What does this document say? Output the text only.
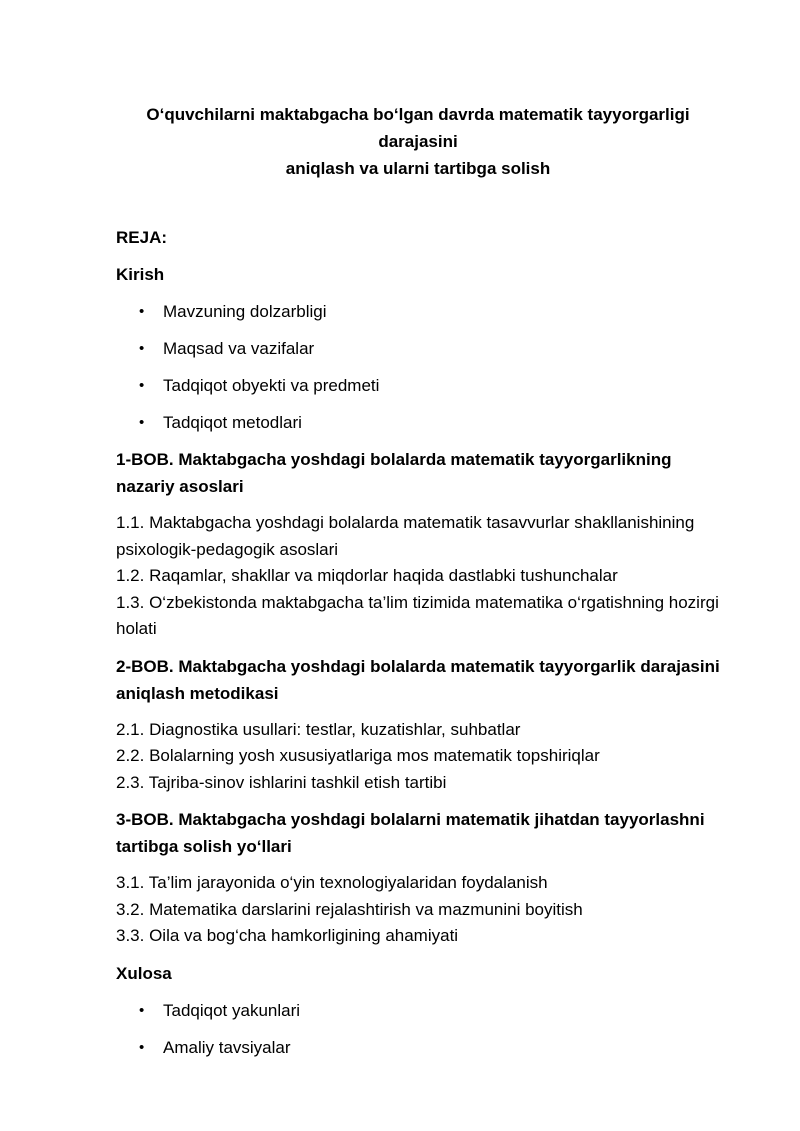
O‘quvchilarni maktabgacha bo‘lgan davrda matematik tayyorgarligi darajasini
aniqlash va ularni tartibga solish
REJA:
Kirish
• Mavzuning dolzarbligi
• Maqsad va vazifalar
• Tadqiqot obyekti va predmeti
• Tadqiqot metodlari
1-BOB. Maktabgacha yoshdagi bolalarda matematik tayyorgarlikning nazariy asoslari
1.1. Maktabgacha yoshdagi bolalarda matematik tasavvurlar shakllanishining psixologik-pedagogik asoslari
1.2. Raqamlar, shakllar va miqdorlar haqida dastlabki tushunchalar
1.3. O‘zbekistonda maktabgacha ta’lim tizimida matematika o‘rgatishning hozirgi holati
2-BOB. Maktabgacha yoshdagi bolalarda matematik tayyorgarlik darajasini aniqlash metodikasi
2.1. Diagnostika usullari: testlar, kuzatishlar, suhbatlar
2.2. Bolalarning yosh xususiyatlariga mos matematik topshiriqlar
2.3. Tajriba-sinov ishlarini tashkil etish tartibi
3-BOB. Maktabgacha yoshdagi bolalarni matematik jihatdan tayyorlashni tartibga solish yo‘llari
3.1. Ta’lim jarayonida o‘yin texnologiyalaridan foydalanish
3.2. Matematika darslarini rejalashtirish va mazmunini boyitish
3.3. Oila va bog‘cha hamkorligining ahamiyati
Xulosa
• Tadqiqot yakunlari
• Amaliy tavsiyalar
